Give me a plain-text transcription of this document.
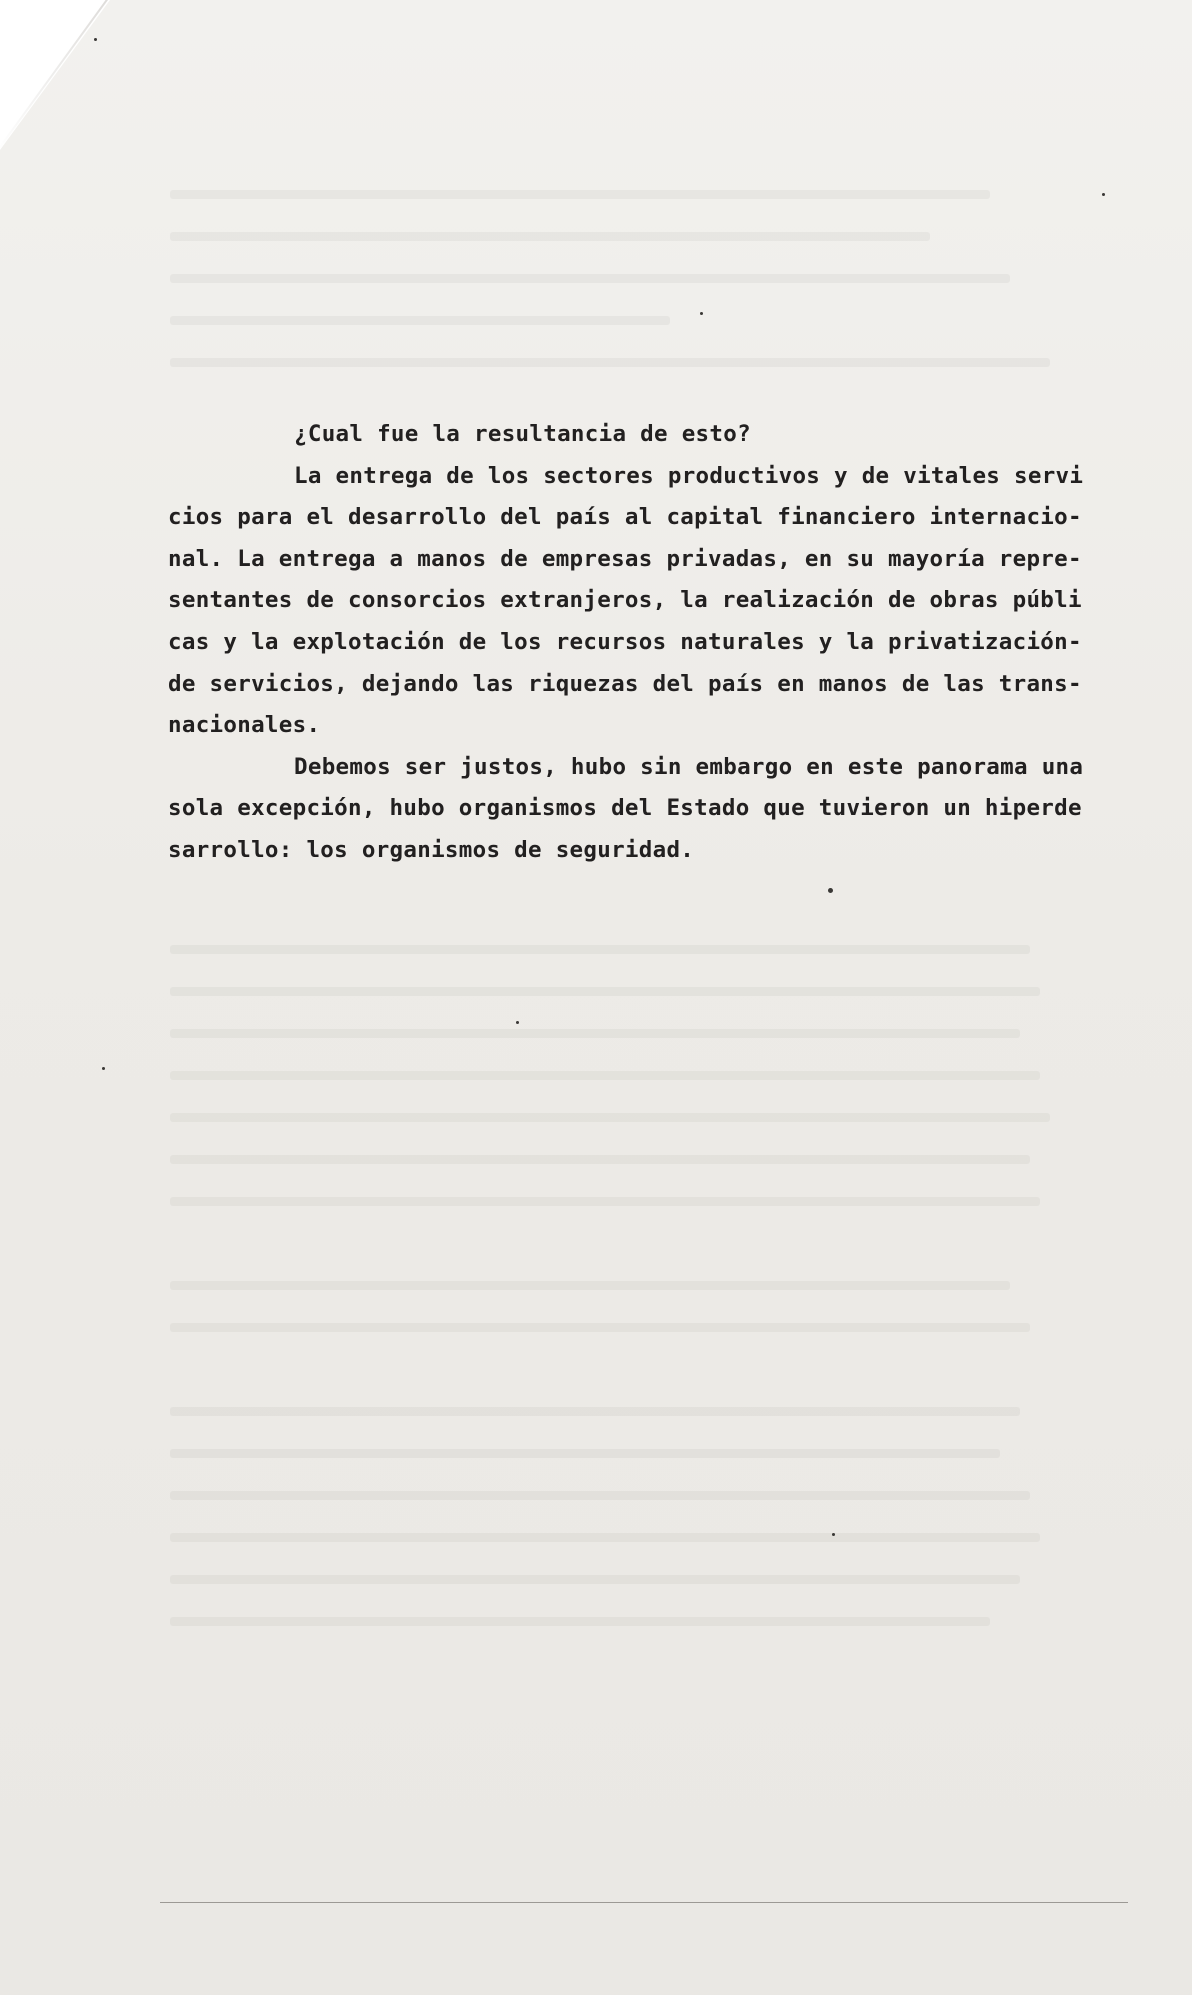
¿Cual fue la resultancia de esto?
La entrega de los sectores productivos y de vitales servi
cios para el desarrollo del país al capital financiero internacio-
nal. La entrega a manos de empresas privadas, en su mayoría repre-
sentantes de consorcios extranjeros, la realización de obras públi
cas y la explotación de los recursos naturales y la privatización-
de servicios, dejando las riquezas del país en manos de las trans-
nacionales.
Debemos ser justos, hubo sin embargo en este panorama una
sola excepción, hubo organismos del Estado que tuvieron un hiperde
sarrollo: los organismos de seguridad.
